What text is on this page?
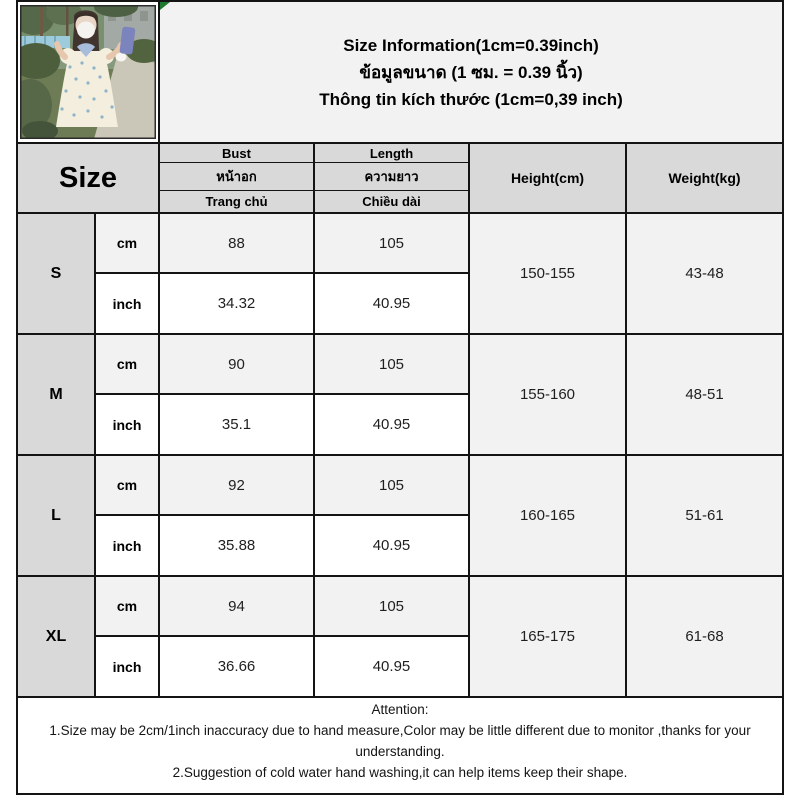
Size Information(1cm=0.39inch)
ข้อมูลขนาด (1 ซม. = 0.39 นิ้ว)
Thông tin kích thước (1cm=0,39 inch)			

Size		Bust	Length	Height(cm)	Weight(kg)
		หน้าอก	ความยาว		
		Trang chủ	Chiều dài		
S	cm	88	105	150-155	43-48
	inch	34.32	40.95		
M	cm	90	105	155-160	48-51
	inch	35.1	40.95		
L	cm	92	105	160-165	51-61
	inch	35.88	40.95		
XL	cm	94	105	165-175	61-68
	inch	36.66	40.95		

Attention:
1.Size may be 2cm/1inch inaccuracy due to hand measure,Color may be little different due to monitor ,thanks for your understanding.
2.Suggestion of cold water hand washing,it can help items keep their shape.					
